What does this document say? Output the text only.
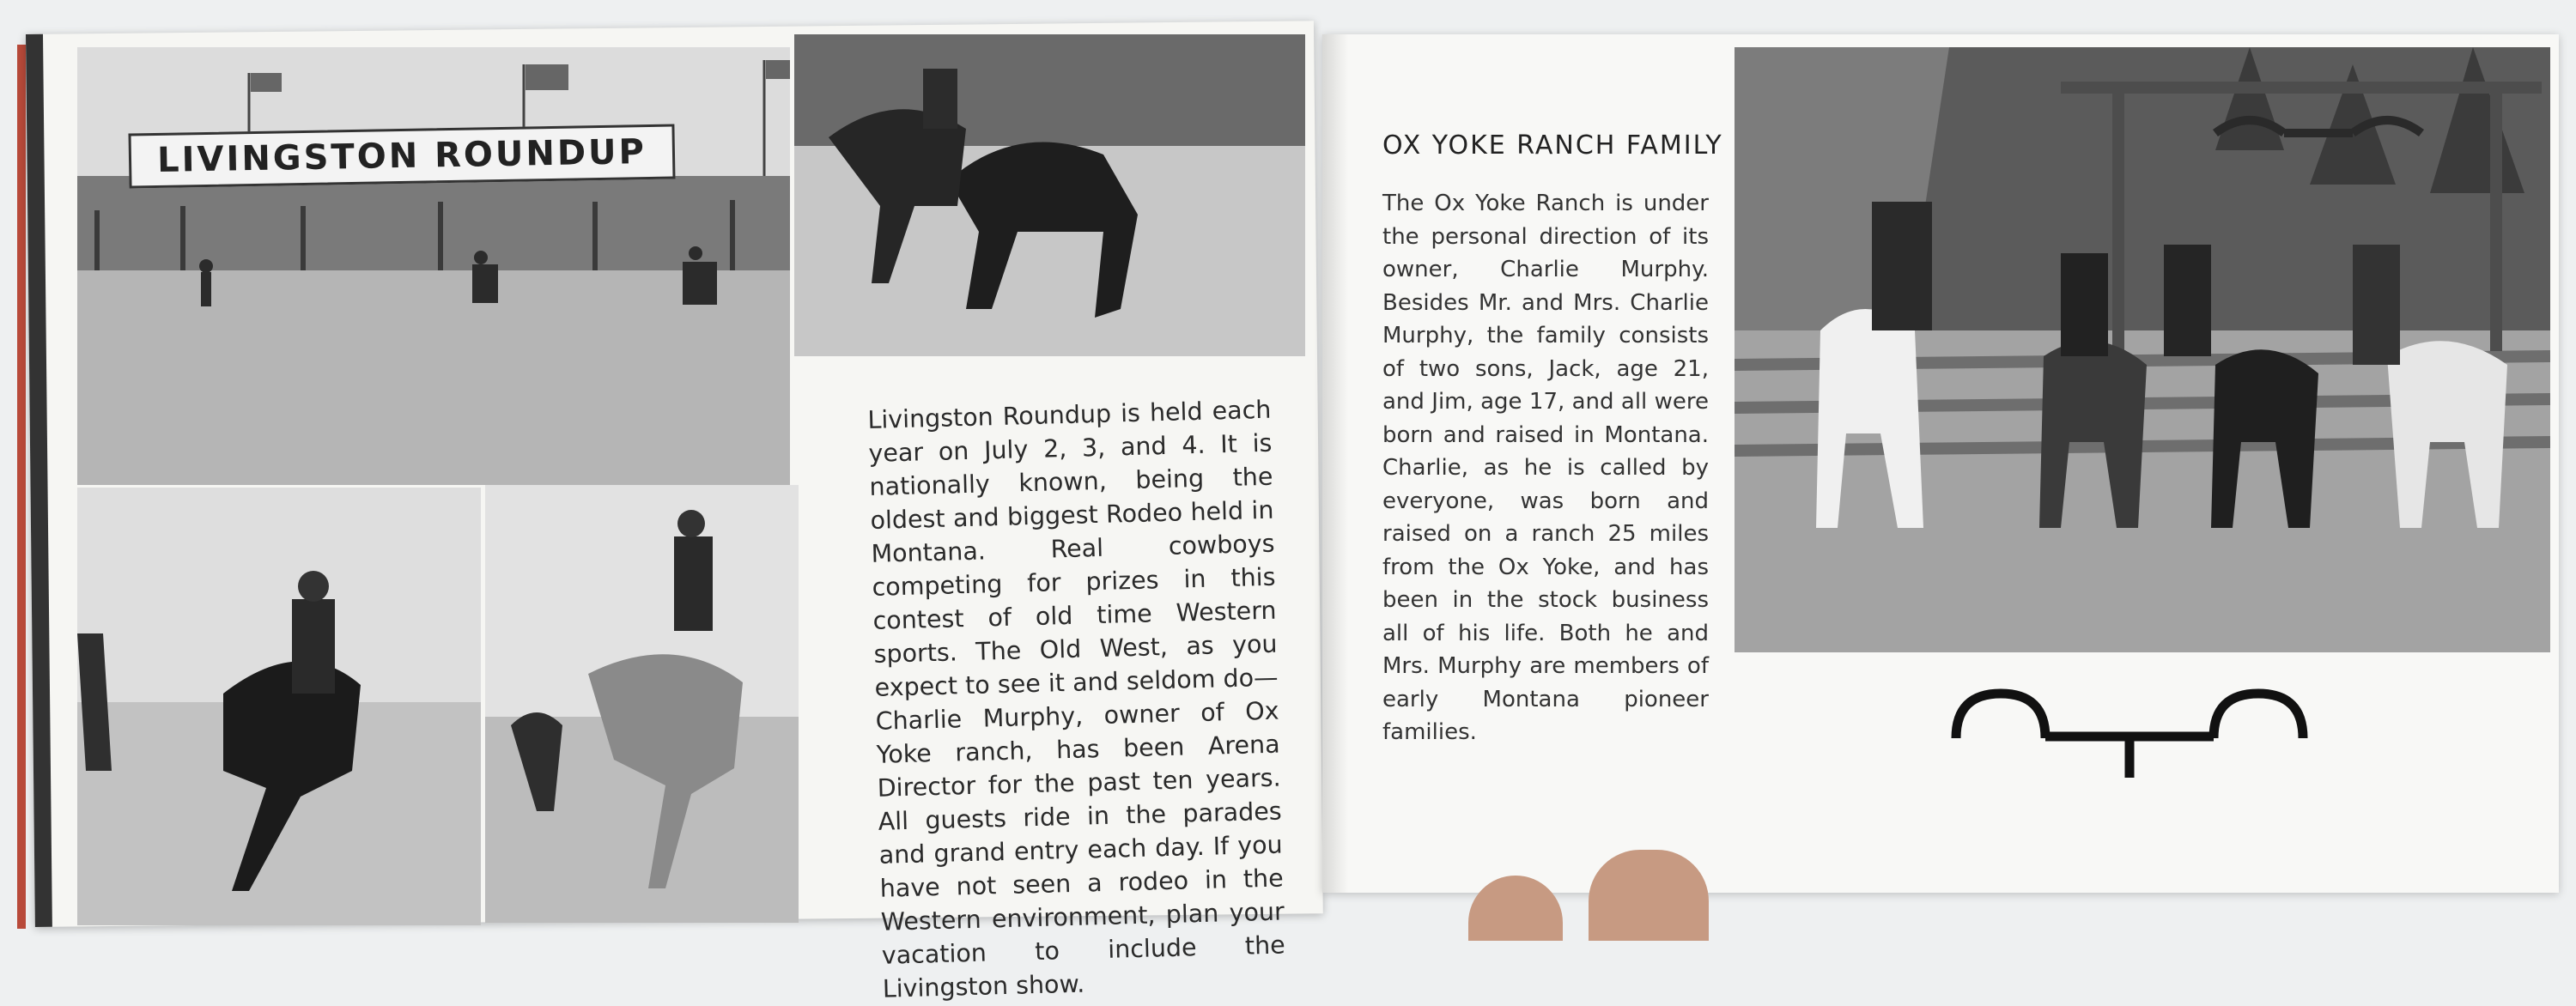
LIVINGSTON ROUNDUP
Livingston Roundup is held each year on July 2, 3, and 4. It is nationally known, being the oldest and biggest Rodeo held in Montana. Real cowboys competing for prizes in this contest of old time Western sports. The Old West, as you expect to see it and seldom do—Charlie Murphy, owner of Ox Yoke ranch, has been Arena Director for the past ten years. All guests ride in the parades and grand entry each day. If you have not seen a rodeo in the Western environment, plan your vacation to include the Livingston show.
OX YOKE RANCH FAMILY
The Ox Yoke Ranch is under the personal direction of its owner, Charlie Murphy. Besides Mr. and Mrs. Charlie Murphy, the family consists of two sons, Jack, age 21, and Jim, age 17, and all were born and raised in Montana. Charlie, as he is called by everyone, was born and raised on a ranch 25 miles from the Ox Yoke, and has been in the stock business all of his life. Both he and Mrs. Murphy are members of early Montana pioneer families.
